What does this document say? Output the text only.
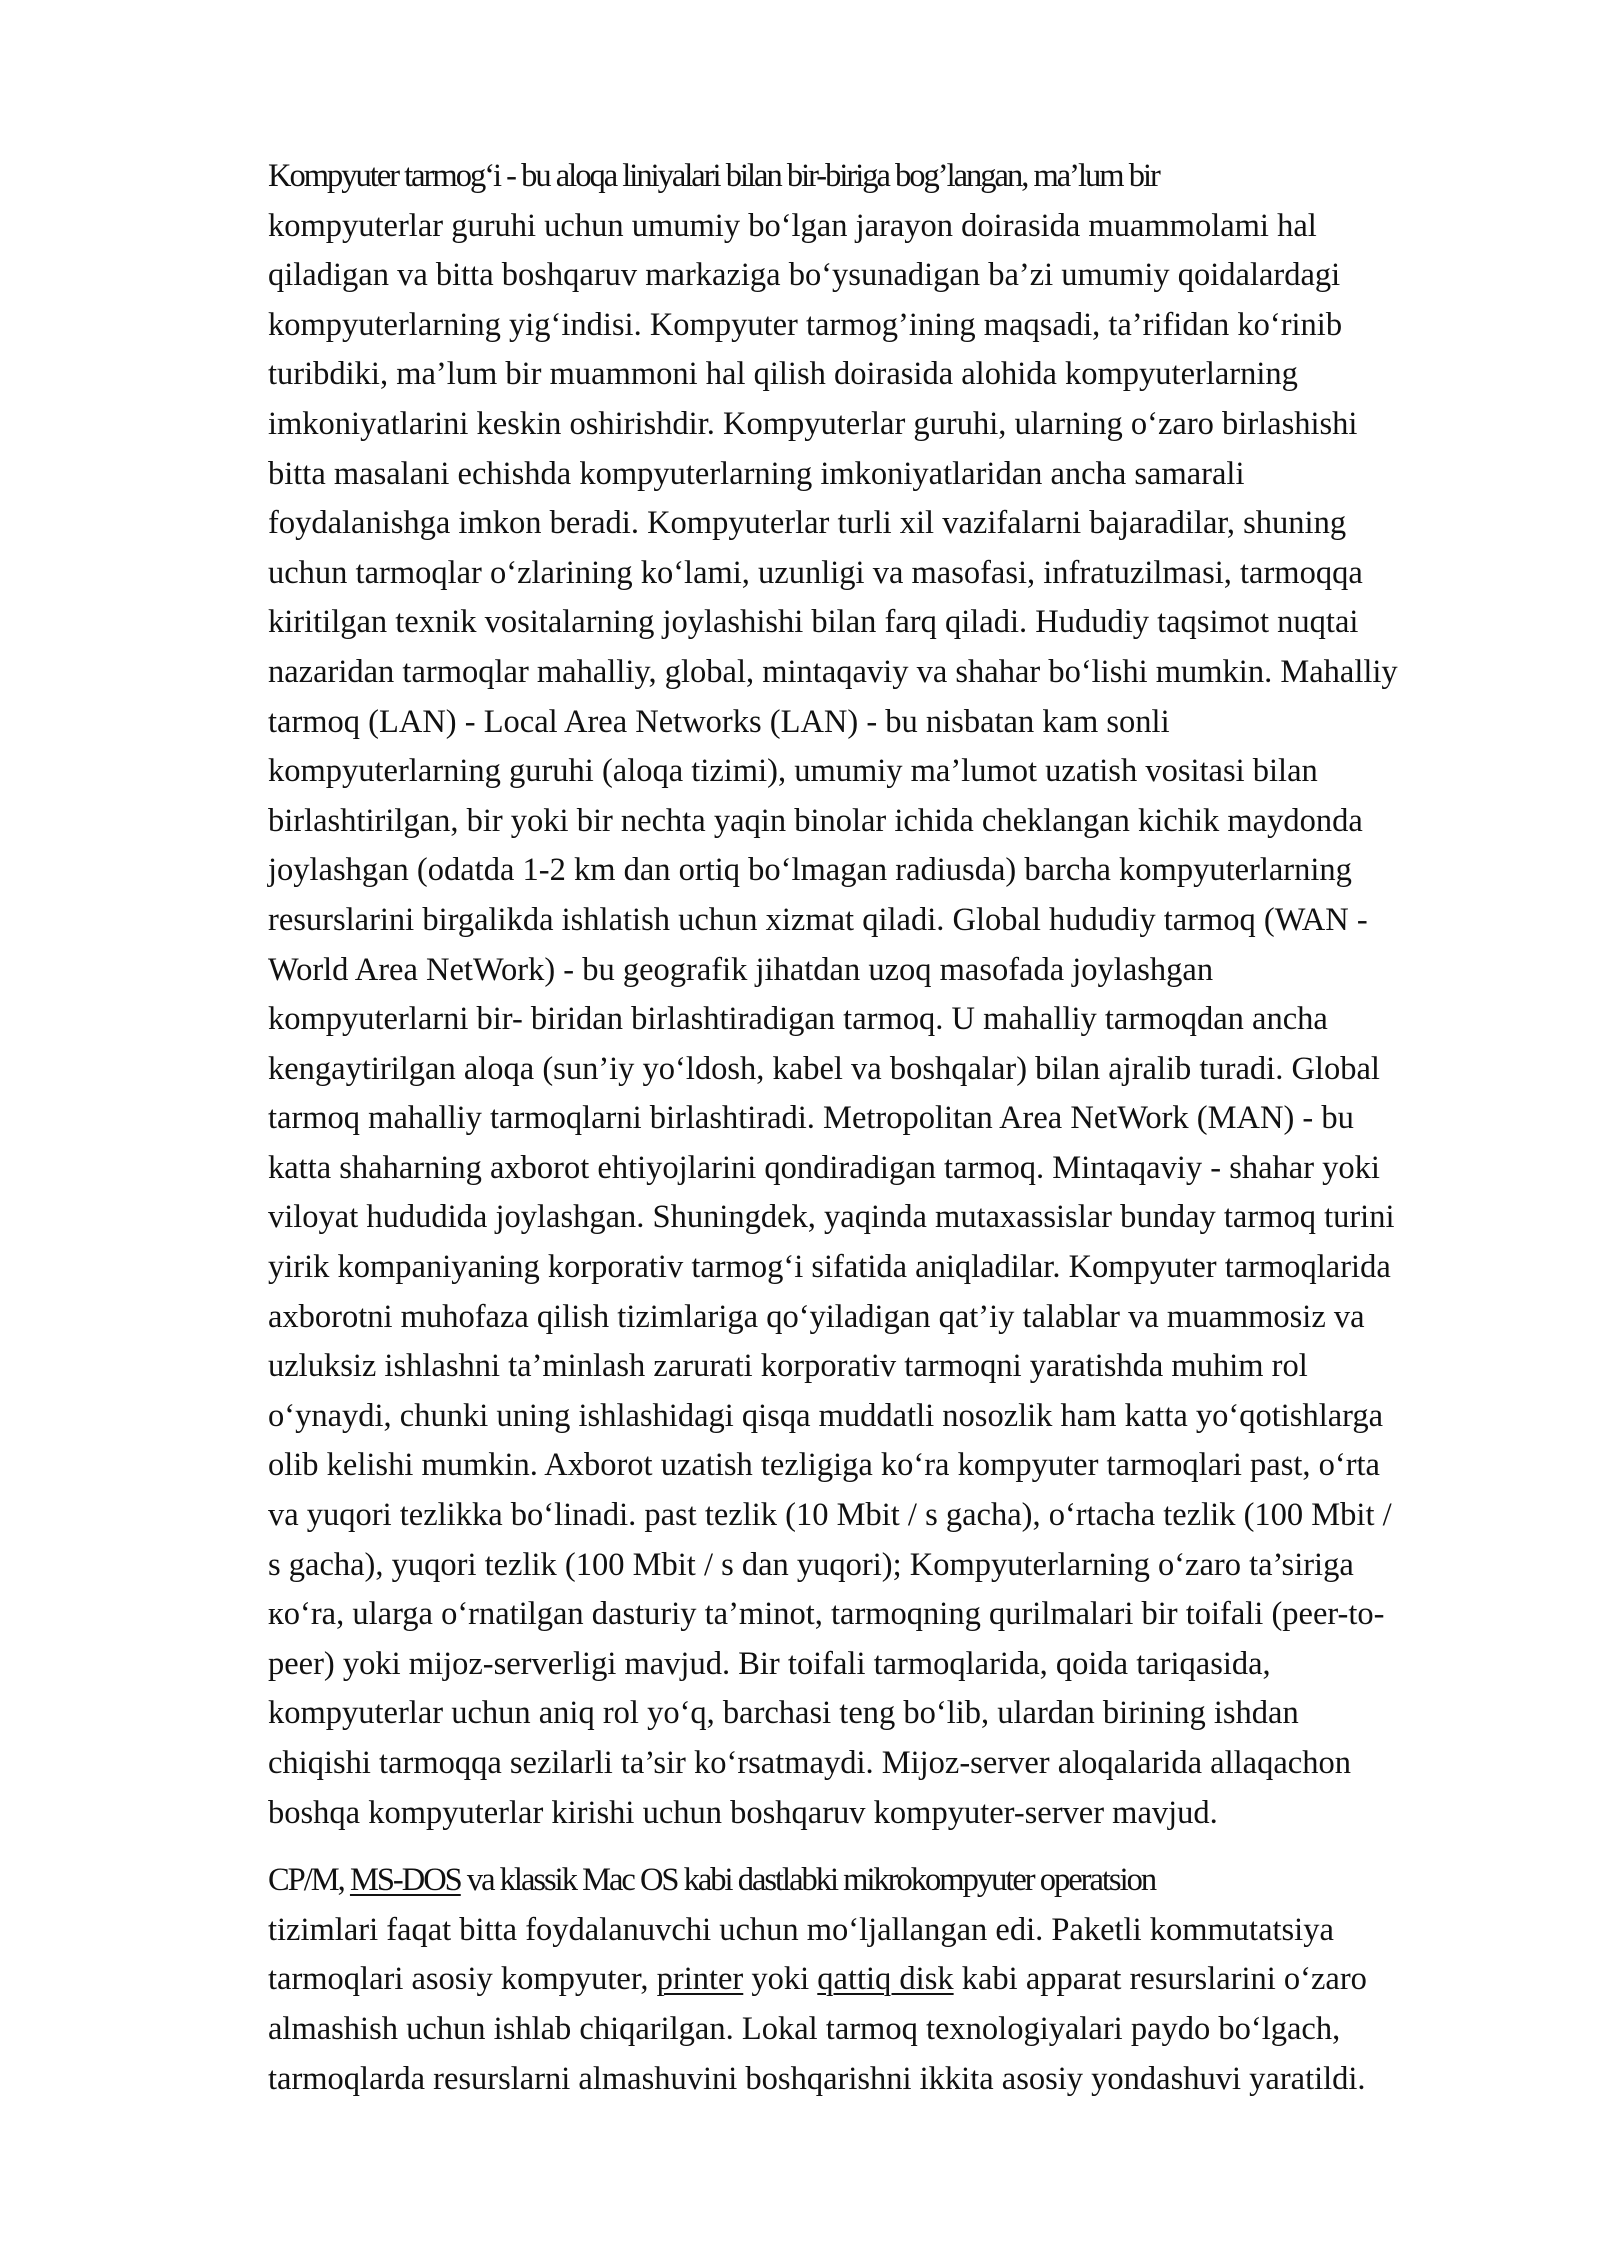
Kompyuter tarmog‘i - bu aloqa liniyalari bilan bir-biriga bog’langan, ma’lum bir
kompyuterlar guruhi uchun umumiy bo‘lgan jarayon doirasida muammolami hal
qiladigan va bitta boshqaruv markaziga bo‘ysunadigan ba’zi umumiy qoidalardagi
kompyuterlarning yig‘indisi. Kompyuter tarmog’ining maqsadi, ta’rifidan ko‘rinib
turibdiki, ma’lum bir muammoni hal qilish doirasida alohida kompyuterlarning
imkoniyatlarini keskin oshirishdir. Kompyuterlar guruhi, ularning o‘zaro birlashishi
bitta masalani echishda kompyuterlarning imkoniyatlaridan ancha samarali
foydalanishga imkon beradi. Kompyuterlar turli xil vazifalarni bajaradilar, shuning
uchun tarmoqlar o‘zlarining ko‘lami, uzunligi va masofasi, infratuzilmasi, tarmoqqa
kiritilgan texnik vositalarning joylashishi bilan farq qiladi. Hududiy taqsimot nuqtai
nazaridan tarmoqlar mahalliy, global, mintaqaviy va shahar bo‘lishi mumkin. Mahalliy
tarmoq (LAN) - Local Area Networks (LAN) - bu nisbatan kam sonli
kompyuterlarning guruhi (aloqa tizimi), umumiy ma’lumot uzatish vositasi bilan
birlashtirilgan, bir yoki bir nechta yaqin binolar ichida cheklangan kichik maydonda
joylashgan (odatda 1-2 km dan ortiq bo‘lmagan radiusda) barcha kompyuterlarning
resurslarini birgalikda ishlatish uchun xizmat qiladi. Global hududiy tarmoq (WAN -
World Area NetWork) - bu geografik jihatdan uzoq masofada joylashgan
kompyuterlarni bir- biridan birlashtiradigan tarmoq. U mahalliy tarmoqdan ancha
kengaytirilgan aloqa (sun’iy yo‘ldosh, kabel va boshqalar) bilan ajralib turadi. Global
tarmoq mahalliy tarmoqlarni birlashtiradi. Metropolitan Area NetWork (MAN) - bu
katta shaharning axborot ehtiyojlarini qondiradigan tarmoq. Mintaqaviy - shahar yoki
viloyat hududida joylashgan. Shuningdek, yaqinda mutaxassislar bunday tarmoq turini
yirik kompaniyaning korporativ tarmog‘i sifatida aniqladilar. Kompyuter tarmoqlarida
axborotni muhofaza qilish tizimlariga qo‘yiladigan qat’iy talablar va muammosiz va
uzluksiz ishlashni ta’minlash zarurati korporativ tarmoqni yaratishda muhim rol
o‘ynaydi, chunki uning ishlashidagi qisqa muddatli nosozlik ham katta yo‘qotishlarga
olib kelishi mumkin. Axborot uzatish tezligiga ko‘ra kompyuter tarmoqlari past, o‘rta
va yuqori tezlikka bo‘linadi. past tezlik (10 Mbit / s gacha), o‘rtacha tezlik (100 Mbit /
s gacha), yuqori tezlik (100 Mbit / s dan yuqori); Kompyuterlarning o‘zaro ta’siriga
кo‘ra, ularga o‘rnatilgan dasturiy ta’minot, tarmoqning qurilmalari bir toifali (peer-to-
peer) yoki mijoz-serverligi mavjud. Bir toifali tarmoqlarida, qoida tariqasida,
kompyuterlar uchun aniq rol yo‘q, barchasi teng bo‘lib, ulardan birining ishdan
chiqishi tarmoqqa sezilarli ta’sir ko‘rsatmaydi. Mijoz-server aloqalarida allaqachon
boshqa kompyuterlar kirishi uchun boshqaruv kompyuter-server mavjud.

CP/M, MS-DOS va klassik Mac OS kabi dastlabki mikrokompyuter operatsion
tizimlari faqat bitta foydalanuvchi uchun mo‘ljallangan edi. Paketli kommutatsiya
tarmoqlari asosiy kompyuter, printer yoki qattiq disk kabi apparat resurslarini o‘zaro
almashish uchun ishlab chiqarilgan. Lokal tarmoq texnologiyalari paydo bo‘lgach,
tarmoqlarda resurslarni almashuvini boshqarishni ikkita asosiy yondashuvi yaratildi.
